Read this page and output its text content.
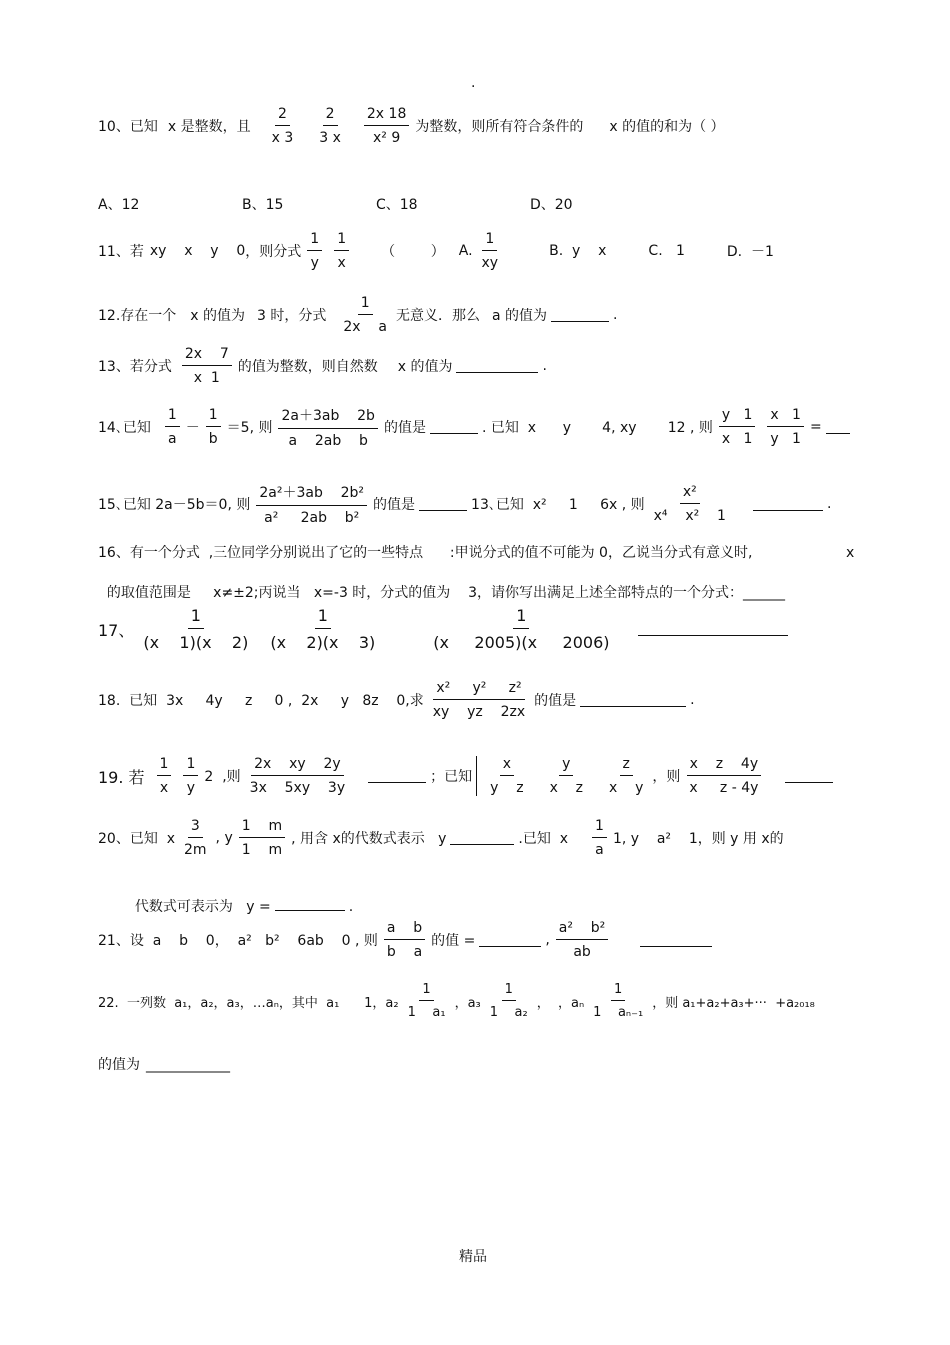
.
10、已知 x 是整数，且
2
x 3
2
3 x
2x 18
x² 9
为整数，则所有符合条件的 x 的值的和为（ ）
A、12	B、15	C、18	D、20
11、若 xy    x    y    0 ，则分式
1
y
1
x
（        ） A.
1
xy
B.  y    x	C.   1	D.  －1
12.存在一个 x 的值为 3 时，分式
1
2x    a
无意义．那么 a 的值为	.
13、若分式
2x    7
x  1
的值为整数，则自然数 x 的值为	.
14､已知
1
a
－
1
b
＝5, 则
2a＋3ab    2b
a    2ab    b
的值是	. 已知  x      y       4, xy       12 , 则
y   1
x   $1 \frac{x 1}{y 1}$ =
15､已知 2a－5b＝0, 则
2a²＋3ab    2b²
a²     2ab    b²
的值是	13､已知  x²     1     6x , 则
x²
x⁴    x²    1
.
16、有一个分式  ,三位同学分别说出了它的一些特点      :甲说分式的值不可能为 0，乙说当分式有意义时,	x

的取值范围是     x≠±2;丙说当   x=-3 时，分式的值为    3，请你写出满足上述全部特点的一个分式：______

17、
1
(x    1)(x    2)
1
(x    2)(x    3)
1
(x     2005)(x     2006)
18.  已知  3x     4y     z     0 ,  2x     y   8z    0,求
x²     y²     z²
xy    yz    2zx
的值是	.
19. 若
1
x
1
y
2  ,则
2x    xy    2y
3x    5xy    3y
；已知
x
y    z
y
x    z
z
x    y
，则
x    z    4y
x     z - 4y
20、已知  x
3
2m
, y
1    m
1    m
, 用含 x的代数式表示   y	.已知  x
1
a
1, y    a²    1，则 y 用 x的

代数式可表示为   y =	.

21、设  a    b    0，  a²   b²    6ab    0 , 则
a    b
b    a
的值 =	,
a²    b²
ab
22.  一列数  a₁，a₂，a₃，…aₙ，其中  a₁      1，a₂
1
1    a₁
，a₃
1
1    a₂
，  ，aₙ
1
1    aₙ₋₁
，则 a₁+a₂+a₃+···  +a₂₀₁₈
的值为 ____________
精品
